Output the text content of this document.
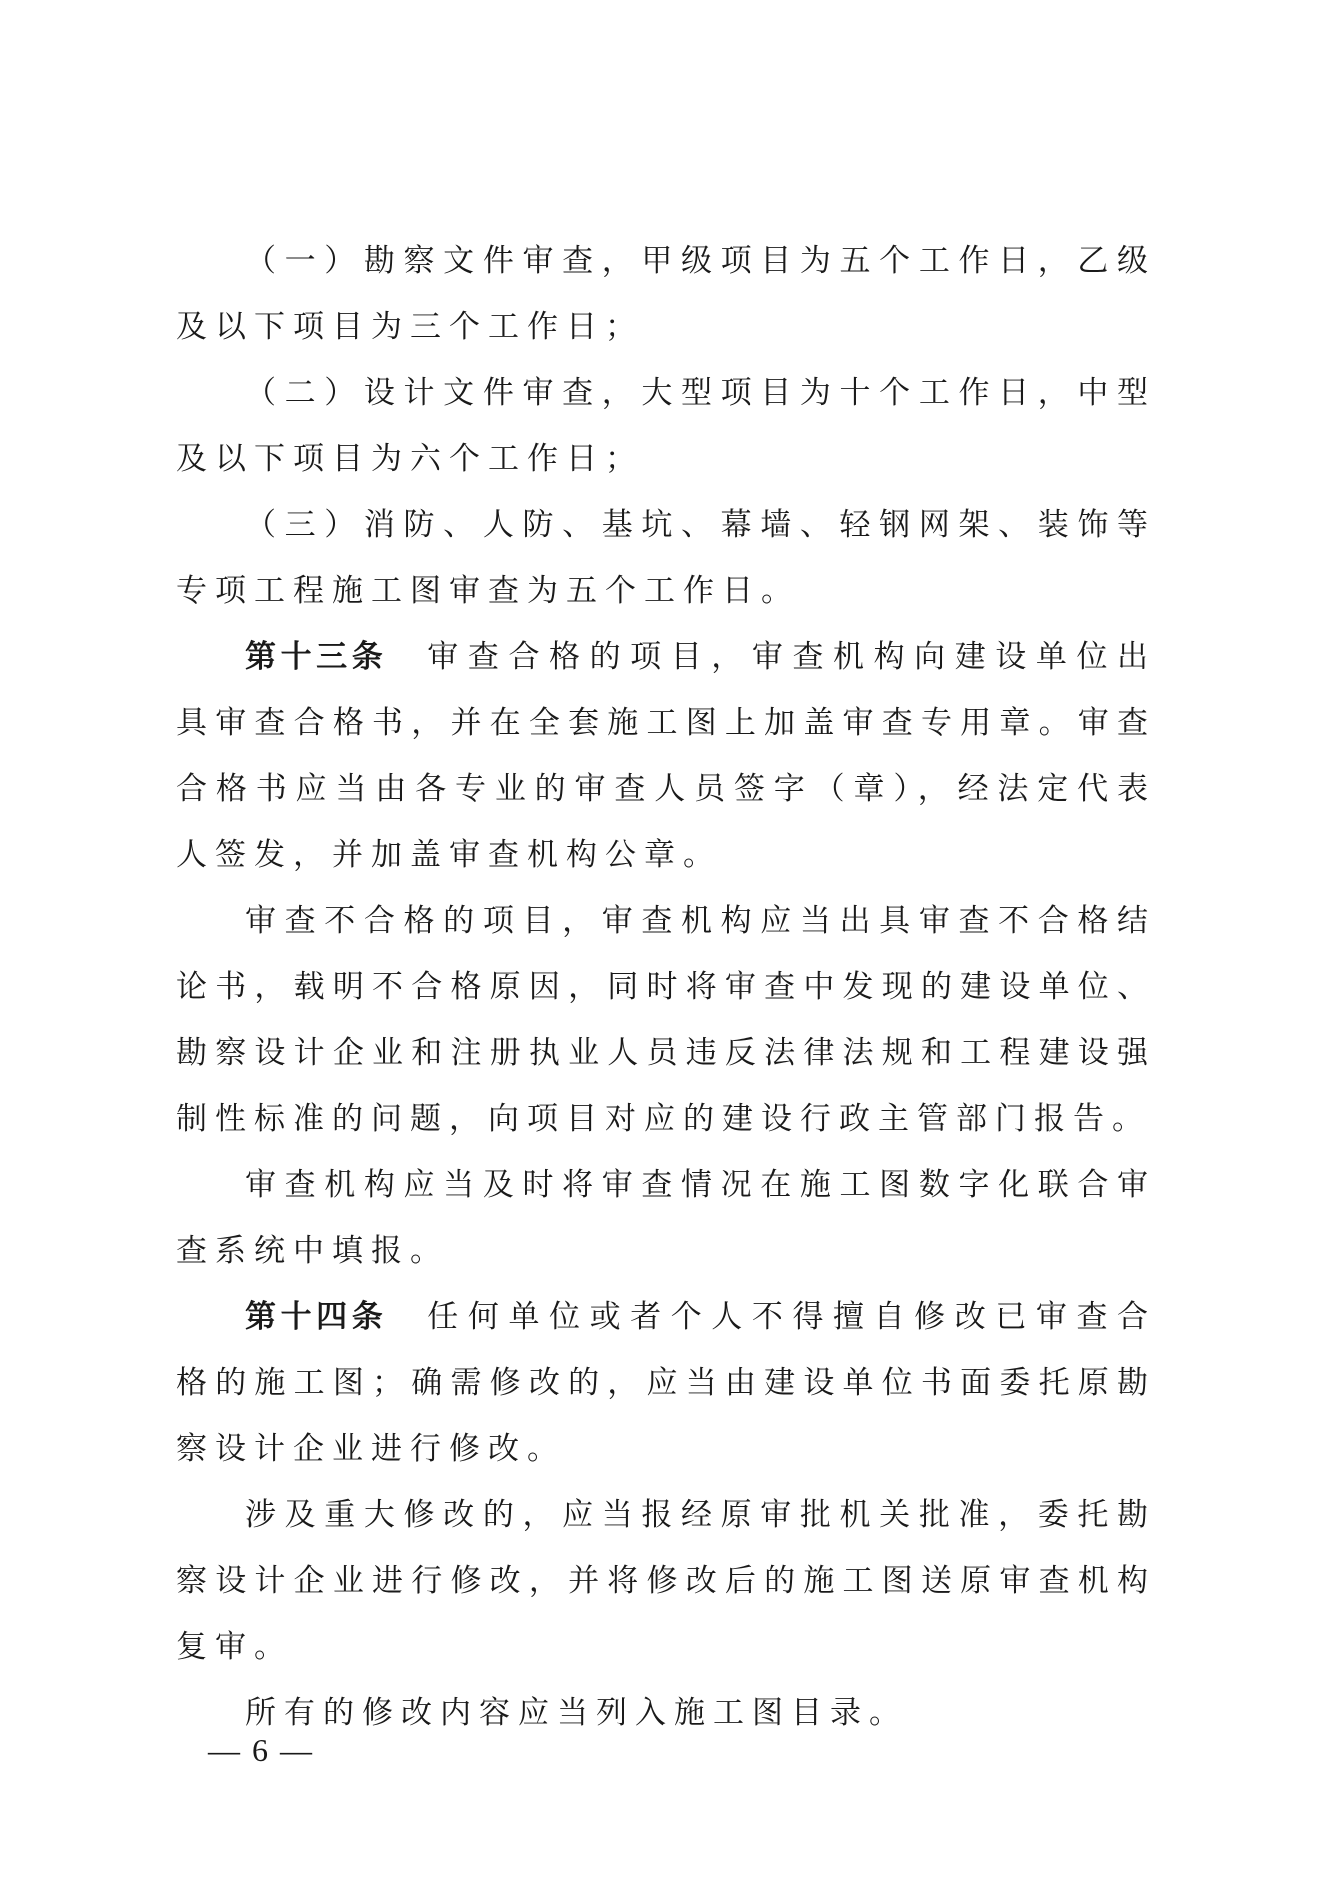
（一）勘察文件审查，甲级项目为五个工作日，乙级及以下项目为三个工作日；

（二）设计文件审查，大型项目为十个工作日，中型及以下项目为六个工作日；

（三）消防、人防、基坑、幕墙、轻钢网架、装饰等专项工程施工图审查为五个工作日。

第十三条 审查合格的项目，审查机构向建设单位出具审查合格书，并在全套施工图上加盖审查专用章。审查合格书应当由各专业的审查人员签字（章），经法定代表人签发，并加盖审查机构公章。

审查不合格的项目，审查机构应当出具审查不合格结论书，载明不合格原因，同时将审查中发现的建设单位、勘察设计企业和注册执业人员违反法律法规和工程建设强制性标准的问题，向项目对应的建设行政主管部门报告。

审查机构应当及时将审查情况在施工图数字化联合审查系统中填报。

第十四条 任何单位或者个人不得擅自修改已审查合格的施工图；确需修改的，应当由建设单位书面委托原勘察设计企业进行修改。

涉及重大修改的，应当报经原审批机关批准，委托勘察设计企业进行修改，并将修改后的施工图送原审查机构复审。

所有的修改内容应当列入施工图目录。

— 6 —
